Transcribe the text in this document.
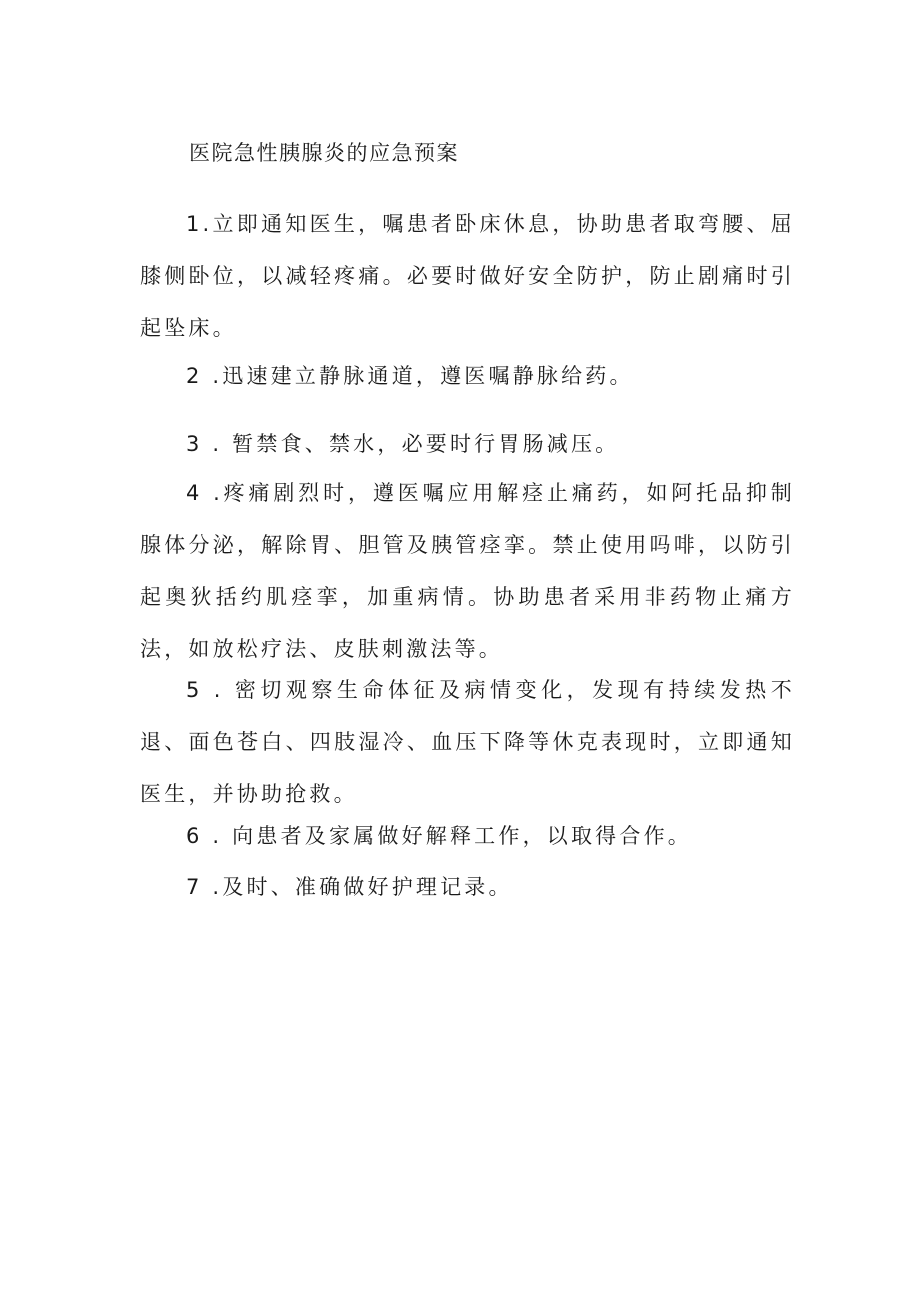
医院急性胰腺炎的应急预案

1.立即通知医生，嘱患者卧床休息，协助患者取弯腰、屈膝侧卧位，以减轻疼痛。必要时做好安全防护，防止剧痛时引起坠床。

2 .迅速建立静脉通道，遵医嘱静脉给药。

3 . 暂禁食、禁水，必要时行胃肠减压。

4 .疼痛剧烈时，遵医嘱应用解痉止痛药，如阿托品抑制腺体分泌，解除胃、胆管及胰管痉挛。禁止使用吗啡，以防引起奥狄括约肌痉挛，加重病情。协助患者采用非药物止痛方法，如放松疗法、皮肤刺激法等。

5 . 密切观察生命体征及病情变化，发现有持续发热不退、面色苍白、四肢湿冷、血压下降等休克表现时，立即通知医生，并协助抢救。

6 . 向患者及家属做好解释工作，以取得合作。

7 .及时、准确做好护理记录。
